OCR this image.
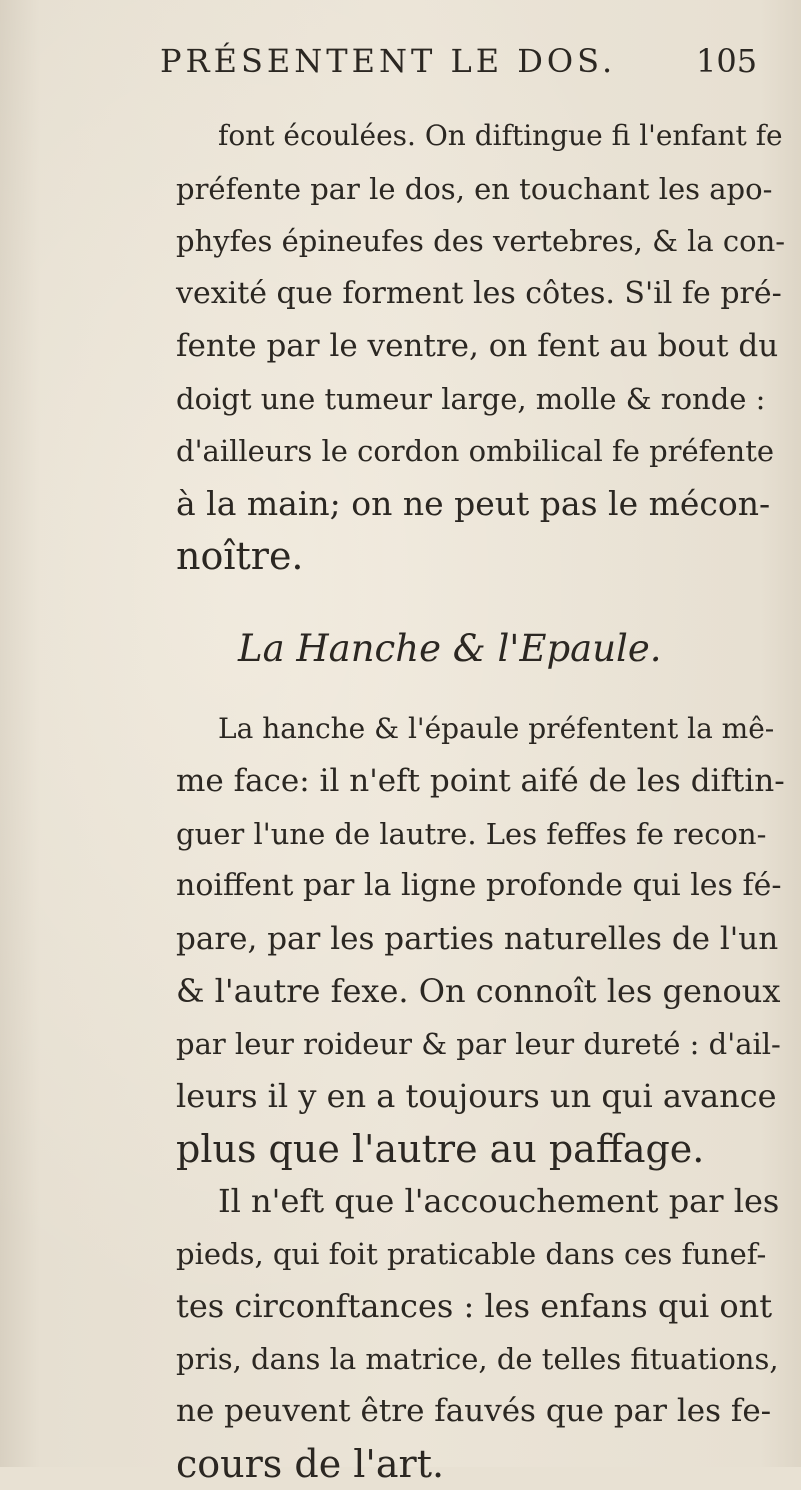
PRÉSENTENT LE DOS. 105
font écoulées. On diftingue fi l'enfant fe
préfente par le dos, en touchant les apo-
phyfes épineufes des vertebres, & la con-
vexité que forment les côtes. S'il fe pré-
fente par le ventre, on fent au bout du
doigt une tumeur large, molle & ronde :
d'ailleurs le cordon ombilical fe préfente
à la main; on ne peut pas le mécon-
noître.
La Hanche & l'Epaule.
La hanche & l'épaule préfentent la mê-
me face: il n'eft point aifé de les diftin-
guer l'une de lautre. Les feffes fe recon-
noiffent par la ligne profonde qui les fé-
pare, par les parties naturelles de l'un
& l'autre fexe. On connoît les genoux
par leur roideur & par leur dureté : d'ail-
leurs il y en a toujours un qui avance
plus que l'autre au paffage.
Il n'eft que l'accouchement par les
pieds, qui foit praticable dans ces funef-
tes circonftances : les enfans qui ont
pris, dans la matrice, de telles fituations,
ne peuvent être fauvés que par les fe-
cours de l'art.
